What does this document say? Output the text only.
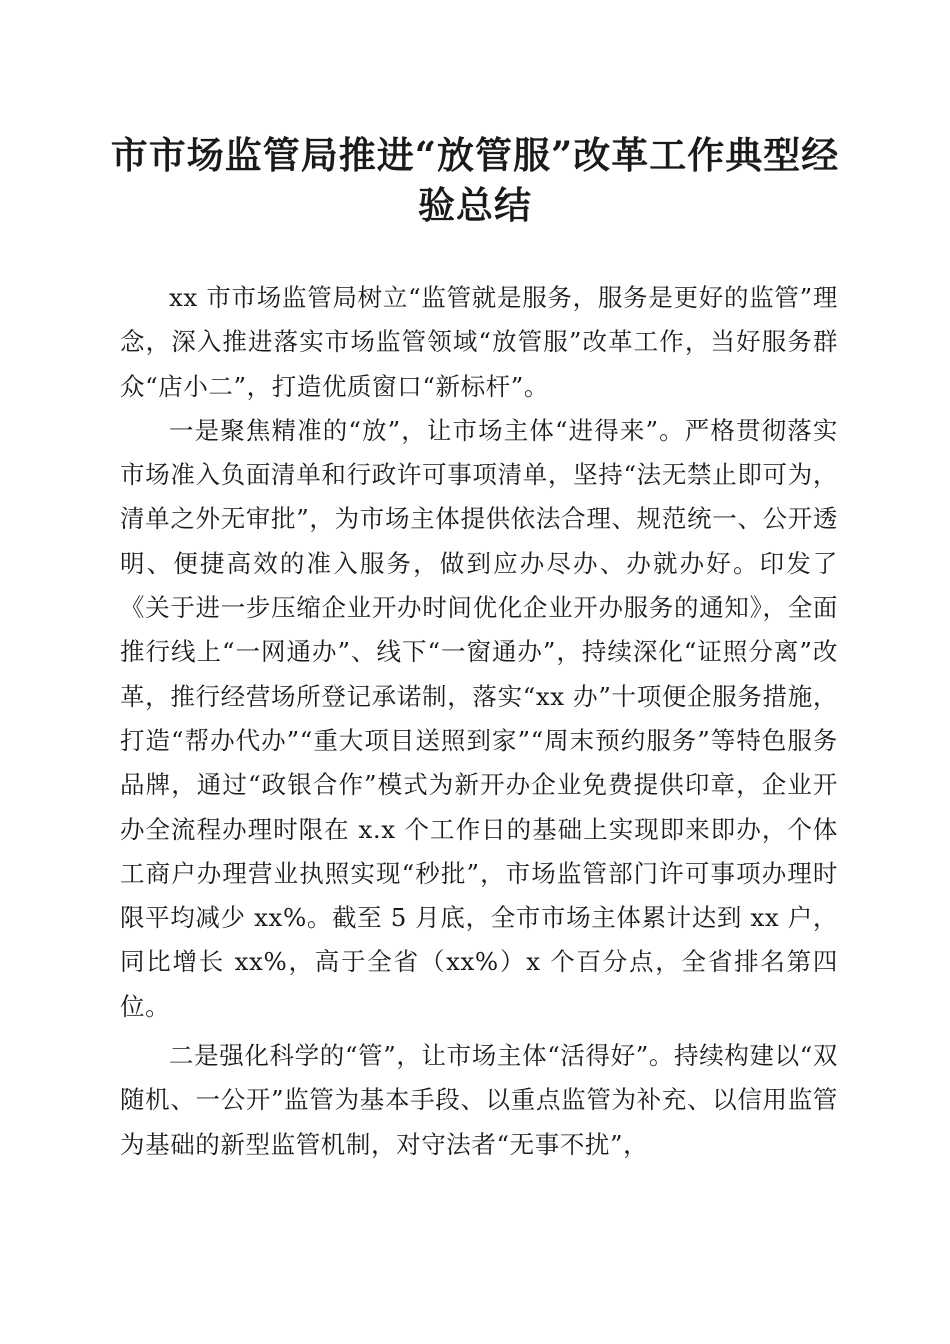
市市场监管局推进“放管服”改革工作典型经验总结

xx 市市场监管局树立“监管就是服务，服务是更好的监管”理念，深入推进落实市场监管领域“放管服”改革工作，当好服务群众“店小二”，打造优质窗口“新标杆”。

一是聚焦精准的“放”，让市场主体“进得来”。严格贯彻落实市场准入负面清单和行政许可事项清单，坚持“法无禁止即可为，清单之外无审批”，为市场主体提供依法合理、规范统一、公开透明、便捷高效的准入服务，做到应办尽办、办就办好。印发了《关于进一步压缩企业开办时间优化企业开办服务的通知》，全面推行线上“一网通办”、线下“一窗通办”，持续深化“证照分离”改革，推行经营场所登记承诺制，落实“xx 办”十项便企服务措施，打造“帮办代办”“重大项目送照到家”“周末预约服务”等特色服务品牌，通过“政银合作”模式为新开办企业免费提供印章，企业开办全流程办理时限在 x.x 个工作日的基础上实现即来即办，个体工商户办理营业执照实现“秒批”，市场监管部门许可事项办理时限平均减少 xx%。截至 5 月底，全市市场主体累计达到 xx 户，同比增长 xx%，高于全省（xx%）x 个百分点，全省排名第四位。

二是强化科学的“管”，让市场主体“活得好”。持续构建以“双随机、一公开”监管为基本手段、以重点监管为补充、以信用监管为基础的新型监管机制，对守法者“无事不扰”，
